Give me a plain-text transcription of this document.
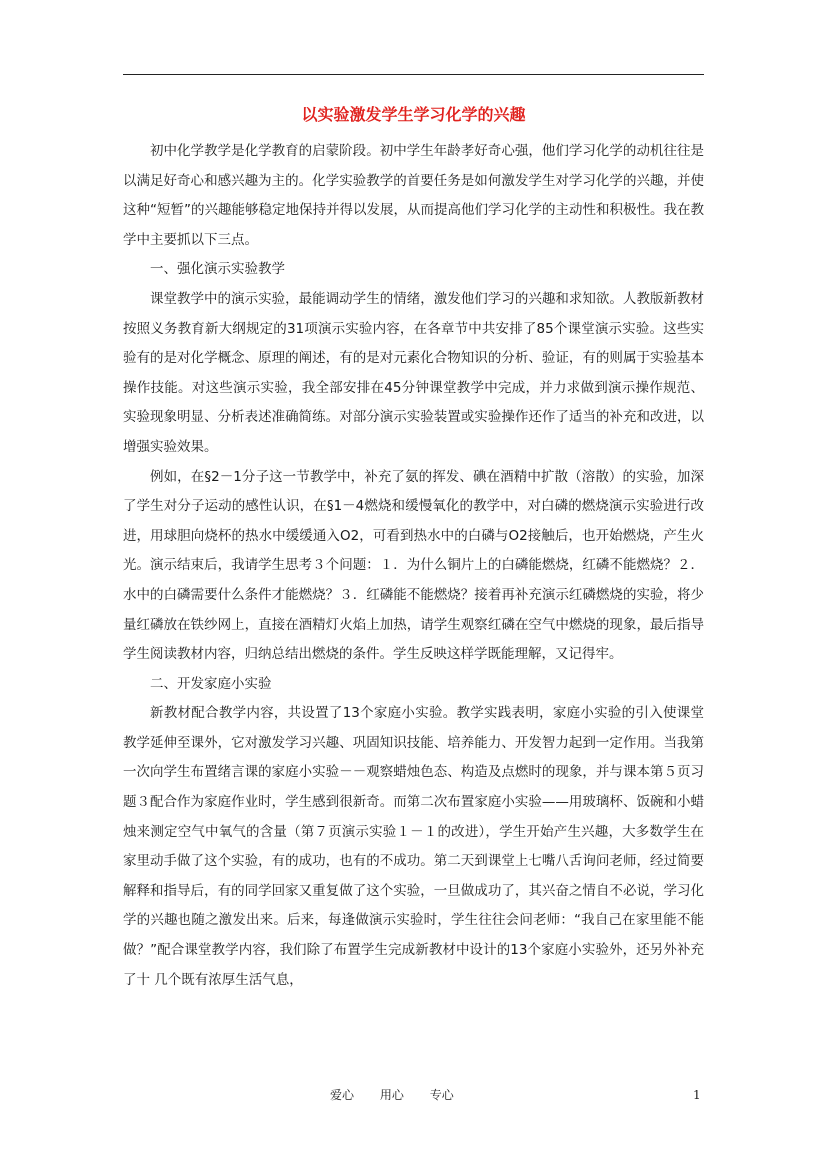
以实验激发学生学习化学的兴趣

初中化学教学是化学教育的启蒙阶段。初中学生年龄孝好奇心强，他们学习化学的动机往往是以满足好奇心和感兴趣为主的。化学实验教学的首要任务是如何激发学生对学习化学的兴趣，并使这种“短暂”的兴趣能够稳定地保持并得以发展，从而提高他们学习化学的主动性和积极性。我在教学中主要抓以下三点。

一、强化演示实验教学

课堂教学中的演示实验，最能调动学生的情绪，激发他们学习的兴趣和求知欲。人教版新教材按照义务教育新大纲规定的31项演示实验内容，在各章节中共安排了85个课堂演示实验。这些实验有的是对化学概念、原理的阐述，有的是对元素化合物知识的分析、验证，有的则属于实验基本操作技能。对这些演示实验，我全部安排在45分钟课堂教学中完成，并力求做到演示操作规范、实验现象明显、分析表述准确简练。对部分演示实验装置或实验操作还作了适当的补充和改进，以增强实验效果。

例如，在§2－1分子这一节教学中，补充了氨的挥发、碘在酒精中扩散（溶散）的实验，加深了学生对分子运动的感性认识，在§1－4燃烧和缓慢氧化的教学中，对白磷的燃烧演示实验进行改进，用球胆向烧杯的热水中缓缓通入O2，可看到热水中的白磷与O2接触后，也开始燃烧，产生火光。演示结束后，我请学生思考３个问题：１．为什么铜片上的白磷能燃烧，红磷不能燃烧？２．水中的白磷需要什么条件才能燃烧？３．红磷能不能燃烧？接着再补充演示红磷燃烧的实验，将少量红磷放在铁纱网上，直接在酒精灯火焰上加热，请学生观察红磷在空气中燃烧的现象，最后指导学生阅读教材内容，归纳总结出燃烧的条件。学生反映这样学既能理解，又记得牢。

二、开发家庭小实验

新教材配合教学内容，共设置了13个家庭小实验。教学实践表明，家庭小实验的引入使课堂教学延伸至课外，它对激发学习兴趣、巩固知识技能、培养能力、开发智力起到一定作用。当我第一次向学生布置绪言课的家庭小实验－－观察蜡烛色态、构造及点燃时的现象，并与课本第５页习题３配合作为家庭作业时，学生感到很新奇。而第二次布置家庭小实验——用玻璃杯、饭碗和小蜡烛来测定空气中氧气的含量（第７页演示实验１－１的改进），学生开始产生兴趣，大多数学生在家里动手做了这个实验，有的成功，也有的不成功。第二天到课堂上七嘴八舌询问老师，经过简要解释和指导后，有的同学回家又重复做了这个实验，一旦做成功了，其兴奋之情自不必说，学习化学的兴趣也随之激发出来。后来，每逢做演示实验时，学生往往会问老师：“我自己在家里能不能做？”配合课堂教学内容，我们除了布置学生完成新教材中设计的13个家庭小实验外，还另外补充了十 几个既有浓厚生活气息，

爱心 用心 专心	1
